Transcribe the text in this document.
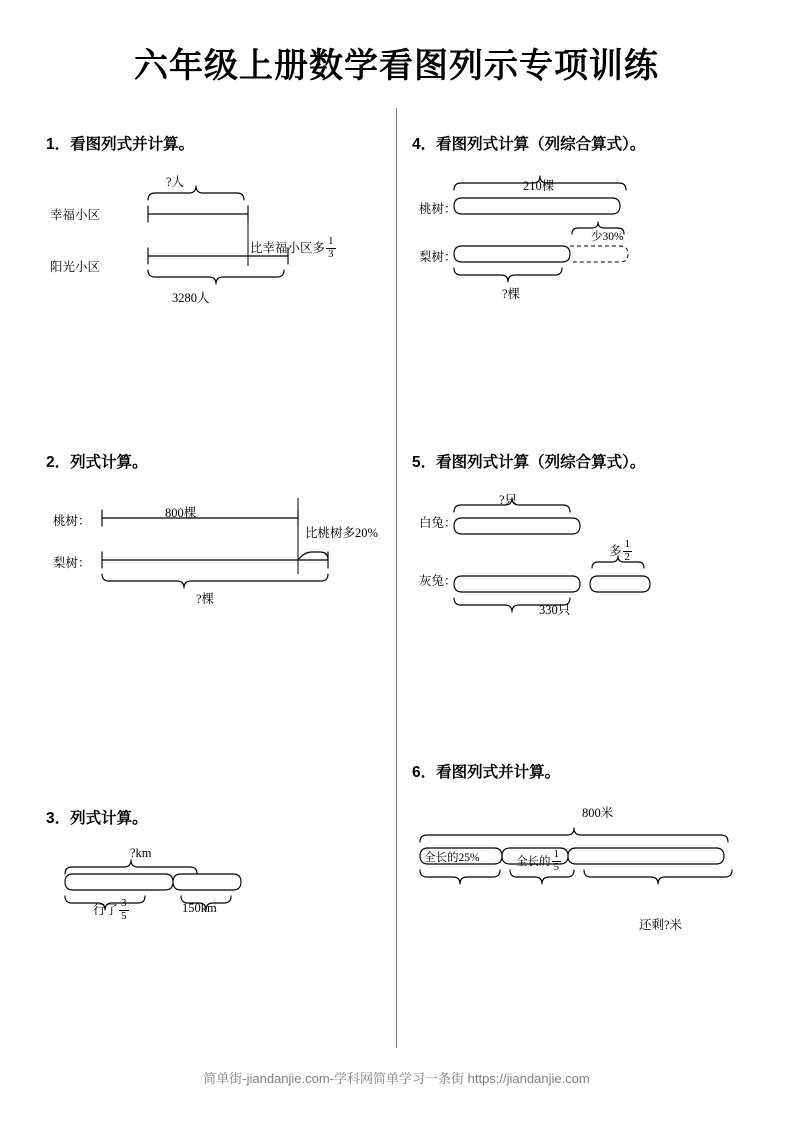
六年级上册数学看图列示专项训练
1．看图列式并计算。
?人
幸福小区
阳光小区
3280人
比幸福小区多 $\frac{1}{3}$
2．列式计算。
桃树：
800棵
梨树：
?棵
比桃树多20%
3．列式计算。
?km
行了 $\frac{3}{5}$	150km
4．看图列式计算（列综合算式）。
210棵
桃树：
梨树：
?棵
少30%
5．看图列式计算（列综合算式）。
?只
白兔：
灰兔：
330只
多 $\frac{1}{2}$
6．看图列式并计算。
800米
全长的25%	全长的 $\frac{1}{5}$
还剩?米
简单街-jiandanjie.com-学科网简单学习一条街 https://jiandanjie.com
